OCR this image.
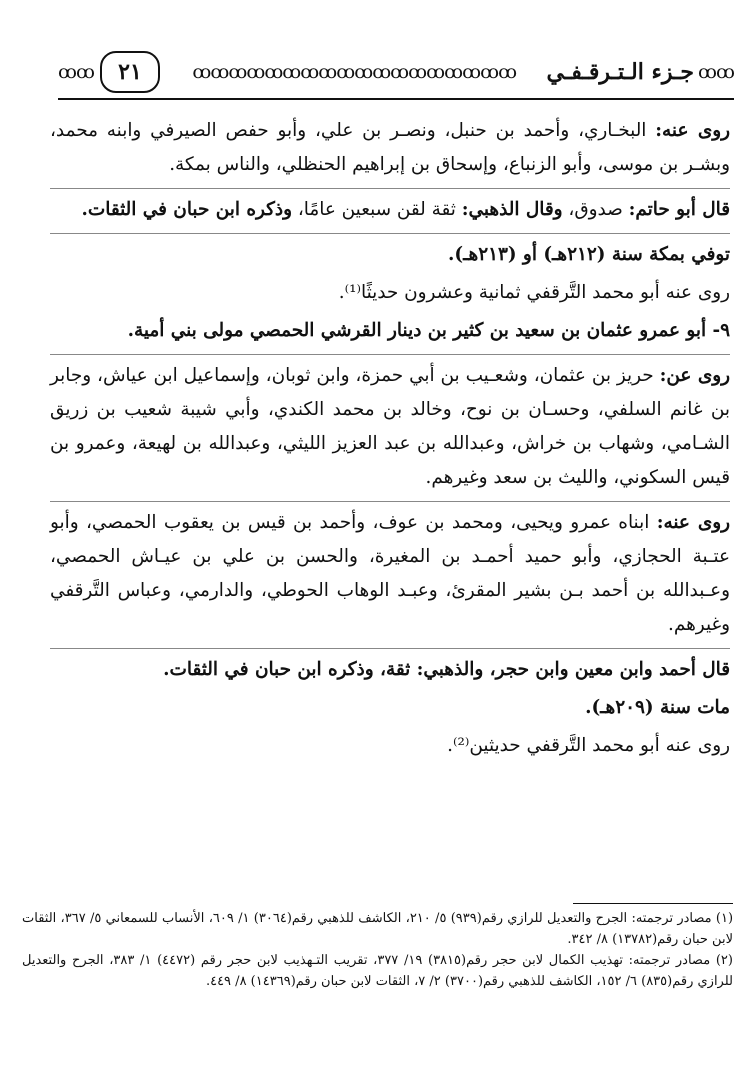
ꝏꝏ
جـزء الـتـرقـفـي
ꝏꝏꝏꝏꝏꝏꝏꝏꝏꝏꝏꝏꝏꝏꝏꝏꝏꝏ
٢١
ꝏꝏ

روى عنه: البخـاري، وأحمد بن حنبل، ونصـر بن علي، وأبو حفص الصيرفي وابنه محمد، وبشـر بن موسى، وأبو الزنباع، وإسحاق بن إبراهيم الحنظلي، والناس بمكة.

قال أبو حاتم: صدوق، وقال الذهبي: ثقة لقن سبعين عامًا، وذكره ابن حبان في الثقات.

توفي بمكة سنة (٢١٢هـ) أو (٢١٣هـ).

روى عنه أبو محمد التَّرقفي ثمانية وعشرون حديثًا⁽¹⁾.

٩- أبو عمرو عثمان بن سعيد بن كثير بن دينار القرشي الحمصي مولى بني أمية.

روى عن: حريز بن عثمان، وشعـيب بن أبي حمزة، وابن ثوبان، وإسماعيل ابن عياش، وجابر بن غانم السلفي، وحسـان بن نوح، وخالد بن محمد الكندي، وأبي شيبة شعيب بن زريق الشـامي، وشهاب بن خراش، وعبدالله بن عبد العزيز الليثي، وعبدالله بن لهيعة، وعمرو بن قيس السكوني، والليث بن سعد وغيرهم.

روى عنه: ابناه عمرو ويحيى، ومحمد بن عوف، وأحمد بن قيس بن يعقوب الحمصي، وأبو عتـبة الحجازي، وأبو حميد أحمـد بن المغيرة، والحسن بن علي بن عيـاش الحمصي، وعـبدالله بن أحمد بـن بشير المقرئ، وعبـد الوهاب الحوطي، والدارمي، وعباس التَّرقفي وغيرهم.

قال أحمد وابن معين وابن حجر، والذهبي: ثقة، وذكره ابن حبان في الثقات.

مات سنة (٢٠٩هـ).

روى عنه أبو محمد التَّرقفي حديثين⁽²⁾.

(١) مصادر ترجمته: الجرح والتعديل للرازي رقم(٩٣٩) ٥/ ٢١٠، الكاشف للذهبي رقم(٣٠٦٤) ١/ ٦٠٩، الأنساب للسمعاني ٥/ ٣٦٧، الثقات لابن حبان رقم(١٣٧٨٢) ٨/ ٣٤٢.

(٢) مصادر ترجمته: تهذيب الكمال لابن حجر رقم(٣٨١٥) ١٩/ ٣٧٧، تقريب التـهذيب لابن حجر رقم (٤٤٧٢) ١/ ٣٨٣، الجرح والتعديل للرازي رقم(٨٣٥) ٦/ ١٥٢، الكاشف للذهبي رقم(٣٧٠٠) ٢/ ٧، الثقات لابن حبان رقم(١٤٣٦٩) ٨/ ٤٤٩.
